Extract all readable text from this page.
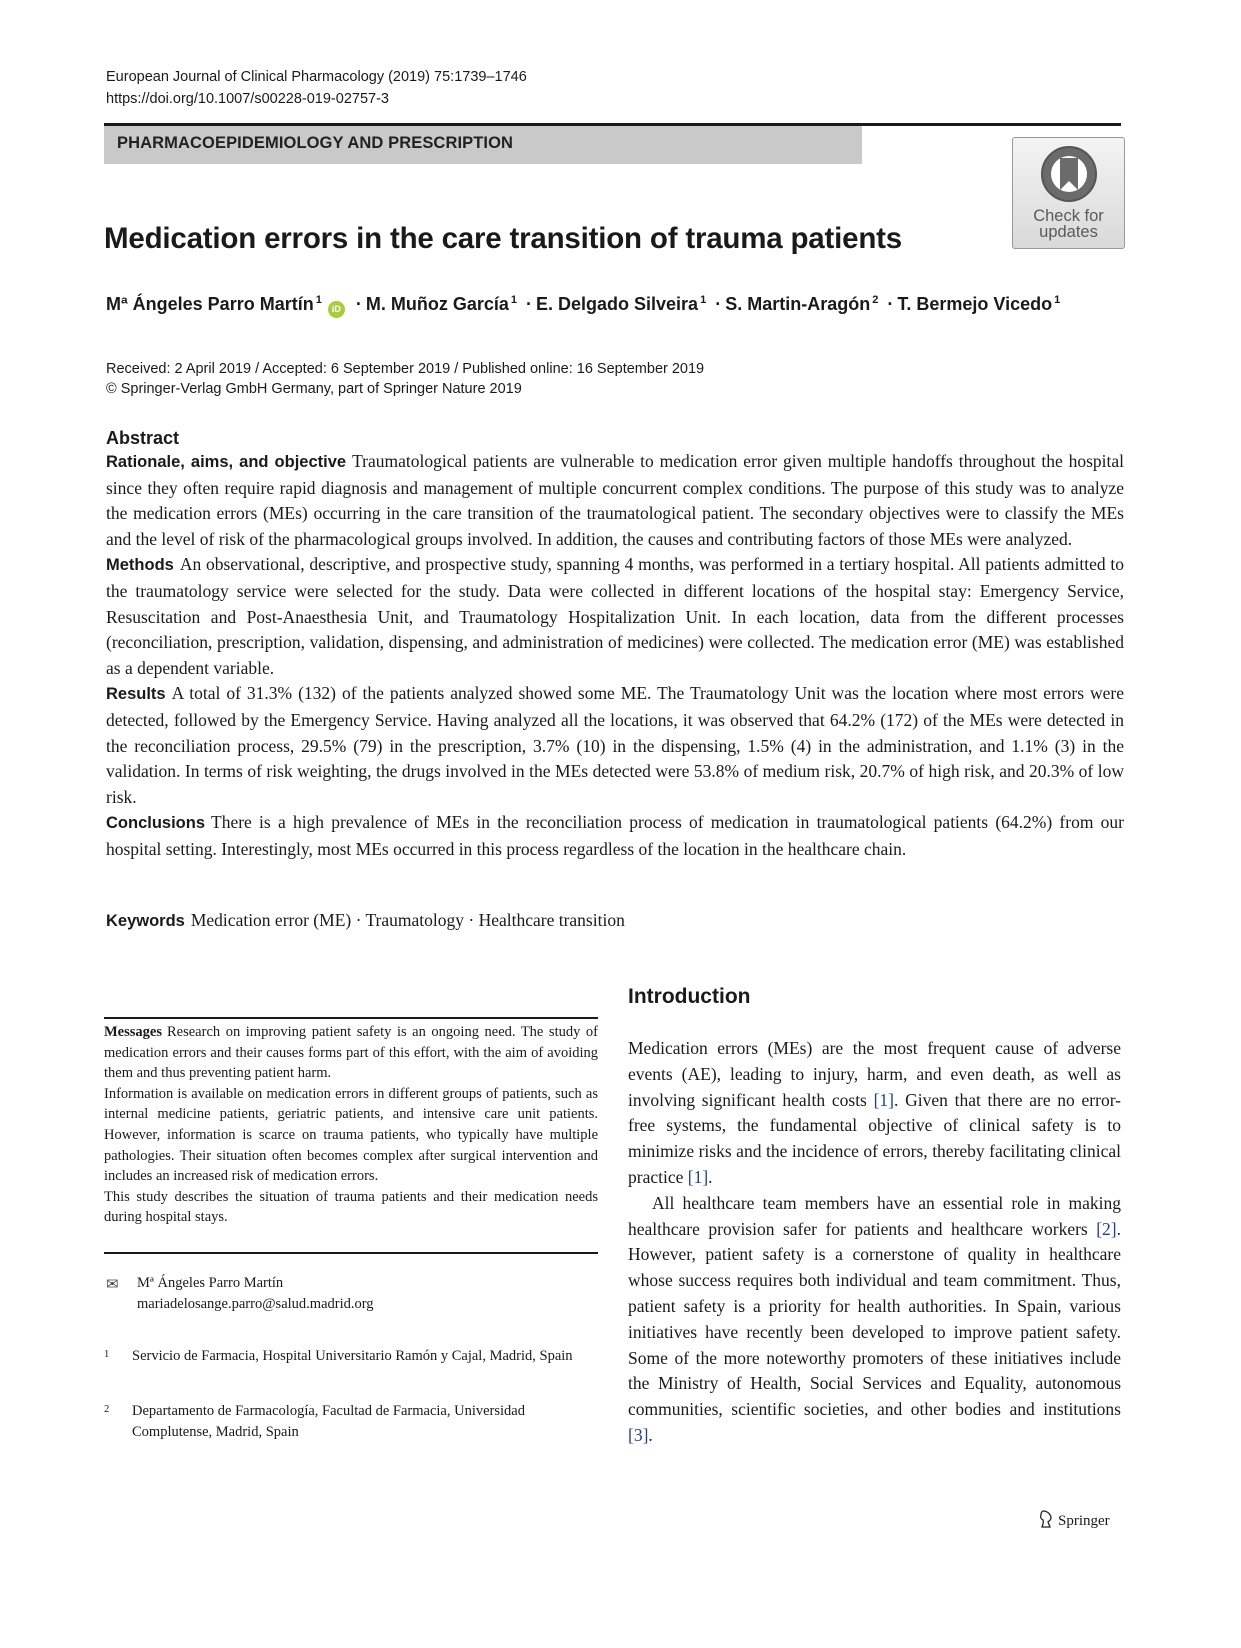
European Journal of Clinical Pharmacology (2019) 75:1739–1746
https://doi.org/10.1007/s00228-019-02757-3
PHARMACOEPIDEMIOLOGY AND PRESCRIPTION
Check for
updates
Medication errors in the care transition of trauma patients
Mª Ángeles Parro Martín $^1$iD · M. Muñoz García $^1$ · E. Delgado Silveira $^1$ · S. Martin-Aragón $^2$ · T. Bermejo Vicedo $^1$
Received: 2 April 2019 / Accepted: 6 September 2019 / Published online: 16 September 2019
© Springer-Verlag GmbH Germany, part of Springer Nature 2019
Abstract

Rationale, aims, and objective Traumatological patients are vulnerable to medication error given multiple handoffs throughout the hospital since they often require rapid diagnosis and management of multiple concurrent complex conditions. The purpose of this study was to analyze the medication errors (MEs) occurring in the care transition of the traumatological patient. The secondary objectives were to classify the MEs and the level of risk of the pharmacological groups involved. In addition, the causes and contributing factors of those MEs were analyzed.

Methods An observational, descriptive, and prospective study, spanning 4 months, was performed in a tertiary hospital. All patients admitted to the traumatology service were selected for the study. Data were collected in different locations of the hospital stay: Emergency Service, Resuscitation and Post-Anaesthesia Unit, and Traumatology Hospitalization Unit. In each location, data from the different processes (reconciliation, prescription, validation, dispensing, and administration of medicines) were collected. The medication error (ME) was established as a dependent variable.

Results A total of 31.3% (132) of the patients analyzed showed some ME. The Traumatology Unit was the location where most errors were detected, followed by the Emergency Service. Having analyzed all the locations, it was observed that 64.2% (172) of the MEs were detected in the reconciliation process, 29.5% (79) in the prescription, 3.7% (10) in the dispensing, 1.5% (4) in the administration, and 1.1% (3) in the validation. In terms of risk weighting, the drugs involved in the MEs detected were 53.8% of medium risk, 20.7% of high risk, and 20.3% of low risk.

Conclusions There is a high prevalence of MEs in the reconciliation process of medication in traumatological patients (64.2%) from our hospital setting. Interestingly, most MEs occurred in this process regardless of the location in the healthcare chain.

Keywords Medication error (ME) · Traumatology · Healthcare transition

Messages Research on improving patient safety is an ongoing need. The study of medication errors and their causes forms part of this effort, with the aim of avoiding them and thus preventing patient harm.

Information is available on medication errors in different groups of patients, such as internal medicine patients, geriatric patients, and intensive care unit patients. However, information is scarce on trauma patients, who typically have multiple pathologies. Their situation often becomes complex after surgical intervention and includes an increased risk of medication errors.

This study describes the situation of trauma patients and their medication needs during hospital stays.

✉ Mª Ángeles Parro Martín
mariadelosange.parro@salud.madrid.org
1 Servicio de Farmacia, Hospital Universitario Ramón y Cajal, Madrid, Spain
2 Departamento de Farmacología, Facultad de Farmacia, Universidad Complutense, Madrid, Spain
Introduction

Medication errors (MEs) are the most frequent cause of adverse events (AE), leading to injury, harm, and even death, as well as involving significant health costs [1]. Given that there are no error-free systems, the fundamental objective of clinical safety is to minimize risks and the incidence of errors, thereby facilitating clinical practice [1].

All healthcare team members have an essential role in making healthcare provision safer for patients and healthcare workers [2]. However, patient safety is a cornerstone of quality in healthcare whose success requires both individual and team commitment. Thus, patient safety is a priority for health authorities. In Spain, various initiatives have recently been developed to improve patient safety. Some of the more noteworthy promoters of these initiatives include the Ministry of Health, Social Services and Equality, autonomous communities, scientific societies, and other bodies and institutions [3].

Springer
